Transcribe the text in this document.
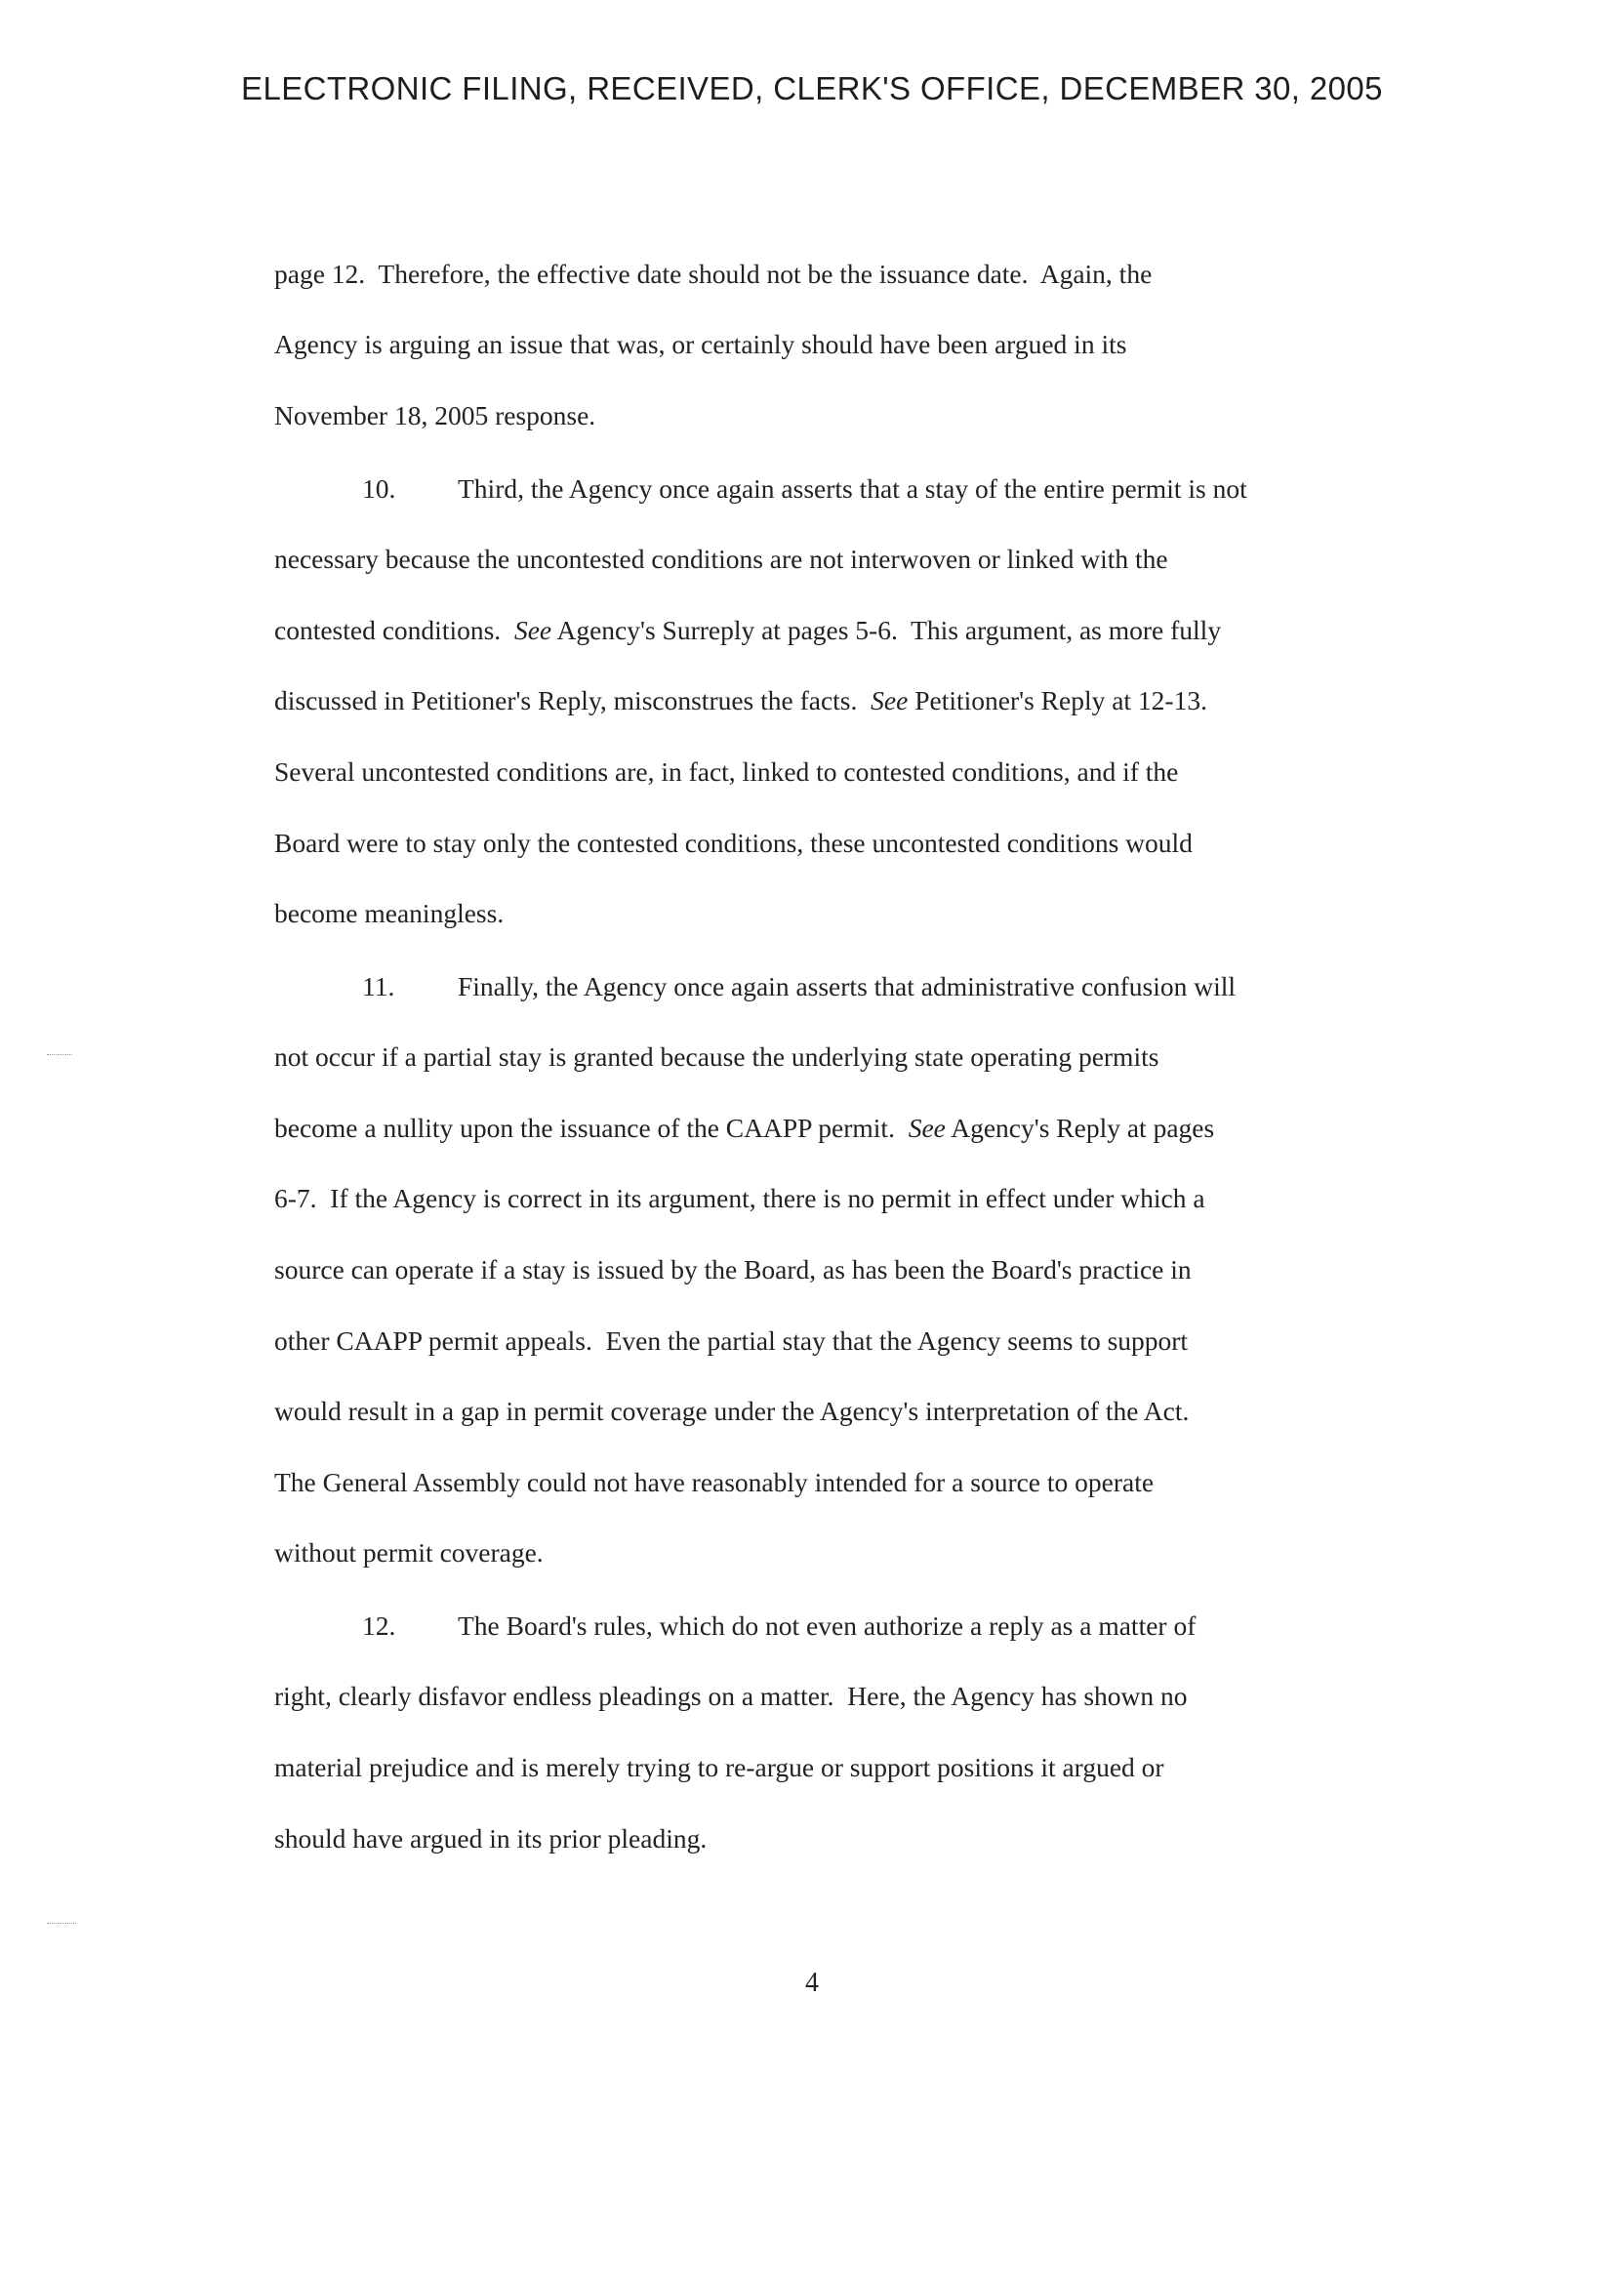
ELECTRONIC FILING, RECEIVED, CLERK'S OFFICE, DECEMBER 30, 2005
page 12.  Therefore, the effective date should not be the issuance date.  Again, the
Agency is arguing an issue that was, or certainly should have been argued in its
November 18, 2005 response.
10. Third, the Agency once again asserts that a stay of the entire permit is not
necessary because the uncontested conditions are not interwoven or linked with the
contested conditions.  See Agency's Surreply at pages 5-6.  This argument, as more fully
discussed in Petitioner's Reply, misconstrues the facts.  See Petitioner's Reply at 12-13.
Several uncontested conditions are, in fact, linked to contested conditions, and if the
Board were to stay only the contested conditions, these uncontested conditions would
become meaningless.
11. Finally, the Agency once again asserts that administrative confusion will
not occur if a partial stay is granted because the underlying state operating permits
become a nullity upon the issuance of the CAAPP permit.  See Agency's Reply at pages
6-7.  If the Agency is correct in its argument, there is no permit in effect under which a
source can operate if a stay is issued by the Board, as has been the Board's practice in
other CAAPP permit appeals.  Even the partial stay that the Agency seems to support
would result in a gap in permit coverage under the Agency's interpretation of the Act.
The General Assembly could not have reasonably intended for a source to operate
without permit coverage.
12. The Board's rules, which do not even authorize a reply as a matter of
right, clearly disfavor endless pleadings on a matter.  Here, the Agency has shown no
material prejudice and is merely trying to re-argue or support positions it argued or
should have argued in its prior pleading.
4
